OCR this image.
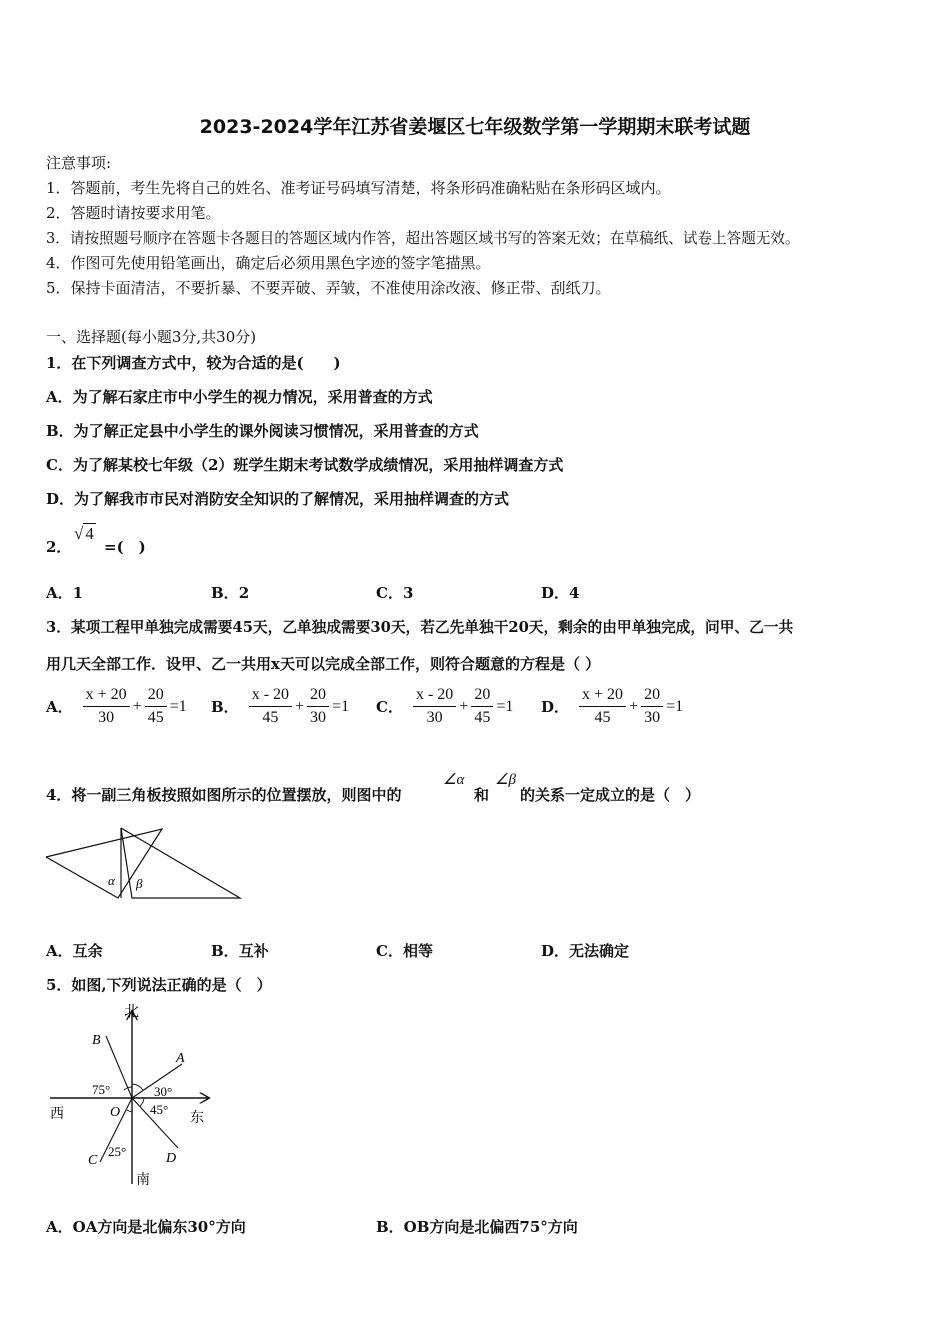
2023-2024学年江苏省姜堰区七年级数学第一学期期末联考试题
注意事项:
1．答题前，考生先将自己的姓名、准考证号码填写清楚，将条形码准确粘贴在条形码区域内。
2．答题时请按要求用笔。
3．请按照题号顺序在答题卡各题目的答题区域内作答，超出答题区域书写的答案无效；在草稿纸、试卷上答题无效。
4．作图可先使用铅笔画出，确定后必须用黑色字迹的签字笔描黑。
5．保持卡面清洁，不要折暴、不要弄破、弄皱，不准使用涂改液、修正带、刮纸刀。
一、选择题(每小题3分,共30分)
1．在下列调查方式中，较为合适的是(　　)
A．为了解石家庄市中小学生的视力情况，采用普查的方式
B．为了解正定县中小学生的课外阅读习惯情况，采用普查的方式
C．为了解某校七年级（2）班学生期末考试数学成绩情况，采用抽样调查方式
D．为了解我市市民对消防安全知识的了解情况，采用抽样调查的方式
2．
√ 4
=(　)
A．1	B．2	C．3	D．4
3．某项工程甲单独完成需要45天，乙单独成需要30天，若乙先单独干20天，剩余的由甲单独完成，问甲、乙一共
用几天全部工作．设甲、乙一共用x天可以完成全部工作，则符合题意的方程是（ ）
A． $\frac{x + 20}{30} + \frac{20}{45} =1$ B． $\frac{x - 20}{45} + \frac{20}{30} =1$ C． $\frac{x - 20}{30} + \frac{20}{45} =1$ D． $\frac{x + 20}{45} + \frac{20}{30} =1$
4．将一副三角板按照如图所示的位置摆放，则图中的
∠α
和
∠β
的关系一定成立的是（　）
α β
A．互余	B．互补	C．相等	D．无法确定
5．如图,下列说法正确的是（　）
北
南
东
西
A
B
C	D
O
30°
75°
45°
25°
A．OA方向是北偏东30°方向	B．OB方向是北偏西75°方向
